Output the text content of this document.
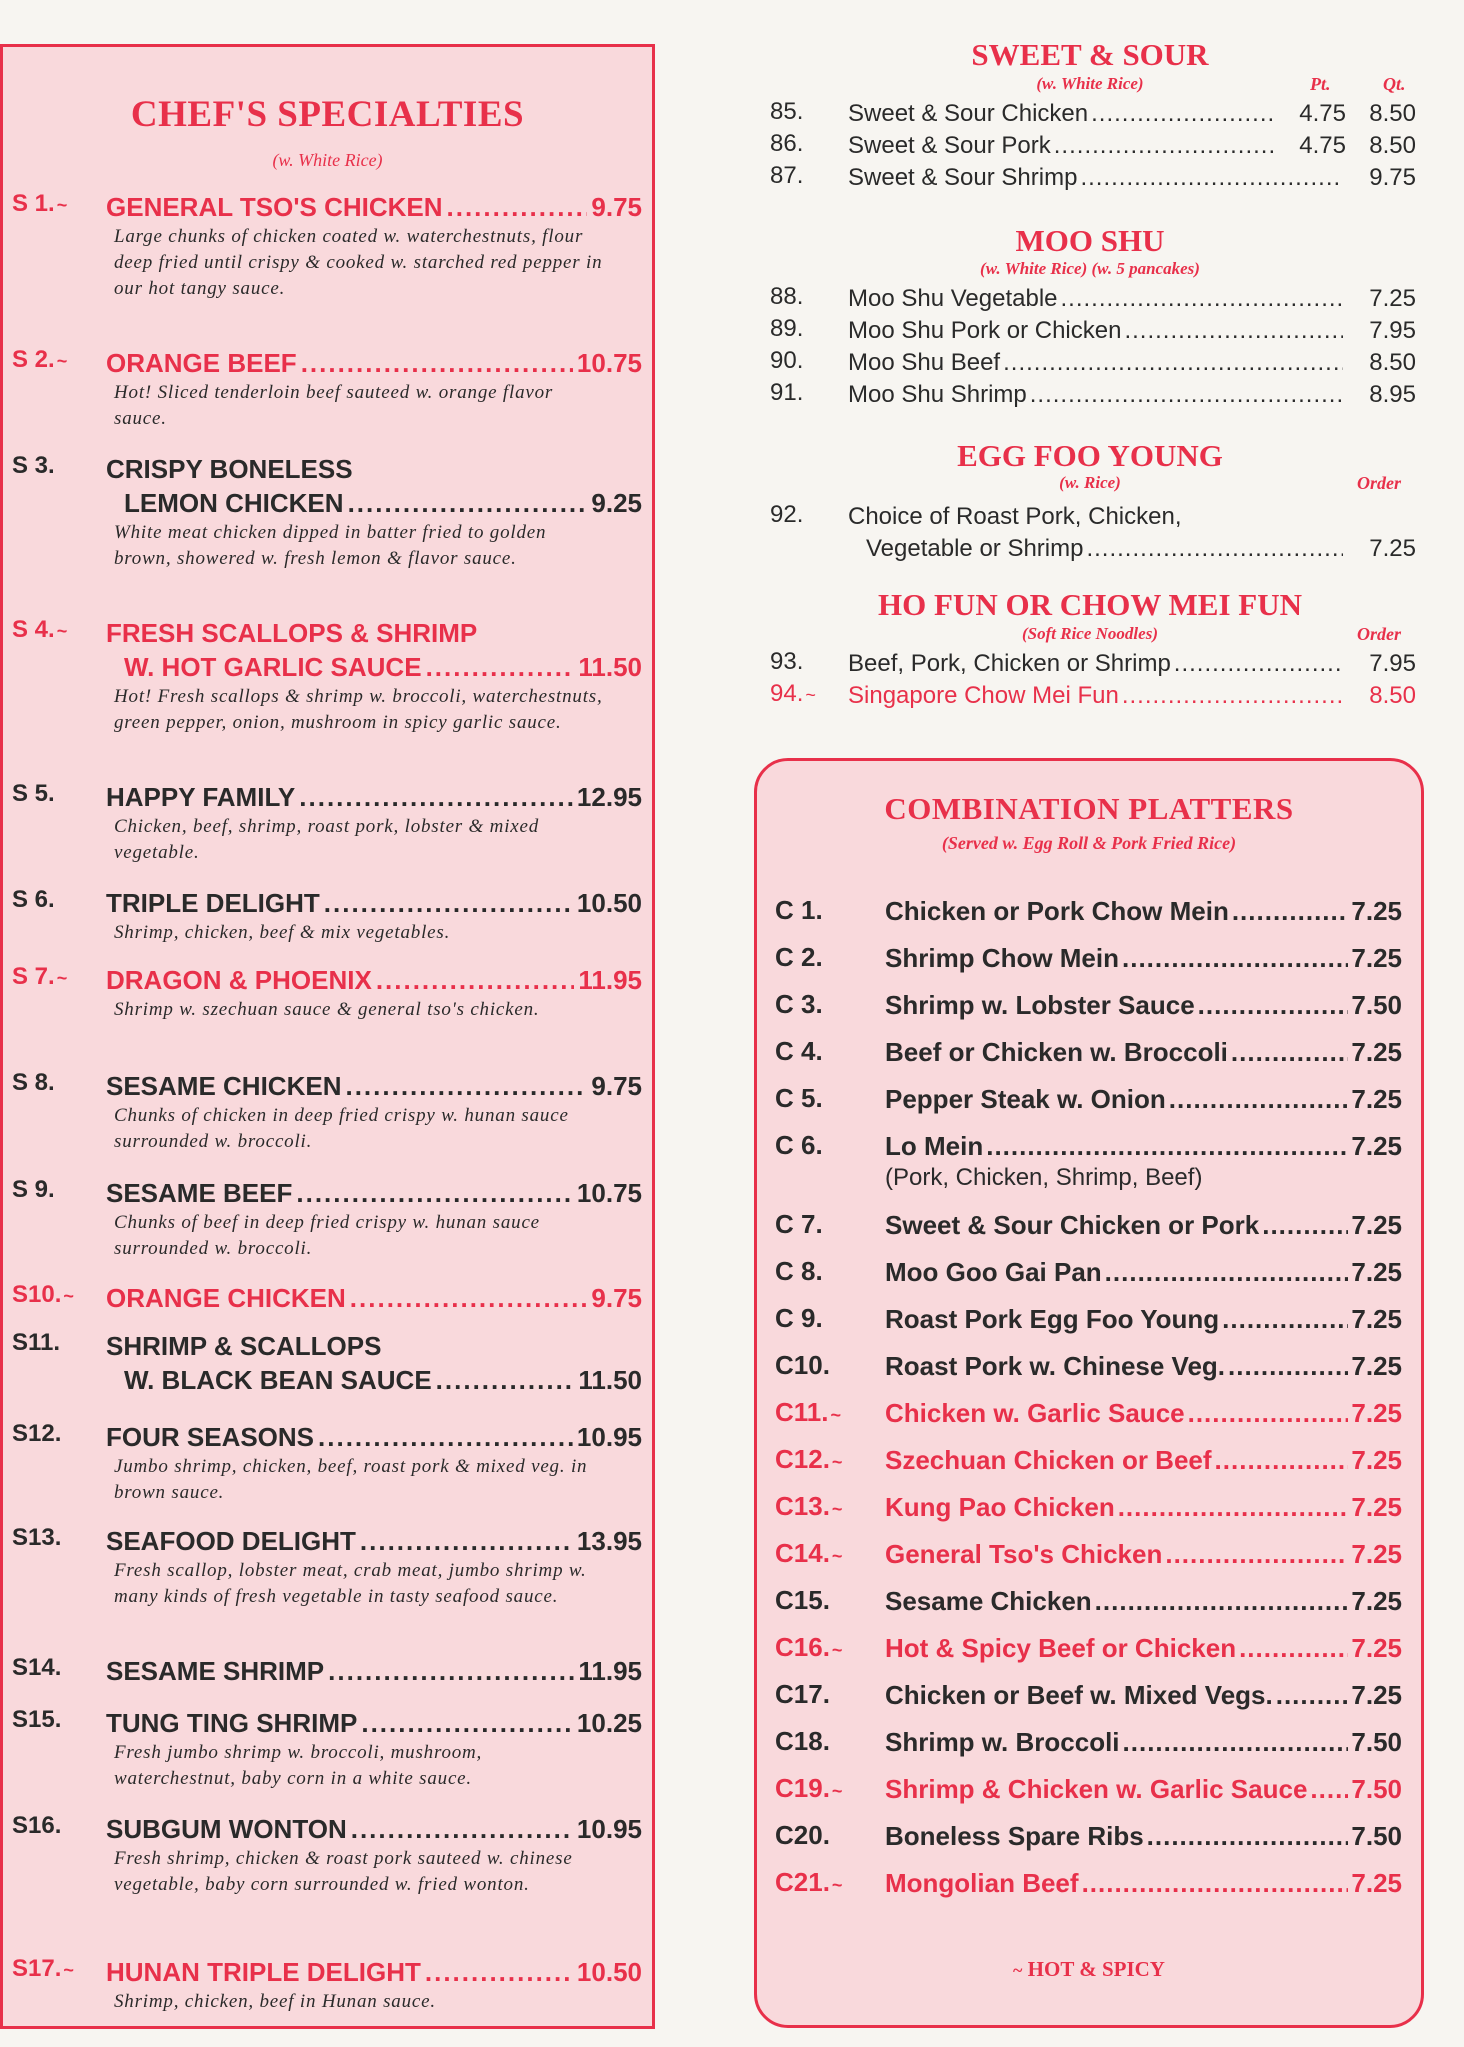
CHEF'S SPECIALTIES
(w. White Rice)
S 1. ~ GENERAL TSO'S CHICKEN .....	9.75
Large chunks of chicken coated w. waterchestnuts, flour deep fried until crispy & cooked w. starched red pepper in our hot tangy sauce.
S 2. ~ ORANGE BEEF .....	10.75
Hot! Sliced tenderloin beef sauteed w. orange flavor sauce.
S 3. CRISPY BONELESS
LEMON CHICKEN .....	9.25
White meat chicken dipped in batter fried to golden brown, showered w. fresh lemon & flavor sauce.
S 4. ~ FRESH SCALLOPS & SHRIMP
W. HOT GARLIC SAUCE .....	11.50
Hot! Fresh scallops & shrimp w. broccoli, waterchestnuts, green pepper, onion, mushroom in spicy garlic sauce.
S 5. HAPPY FAMILY .....	12.95
Chicken, beef, shrimp, roast pork, lobster & mixed vegetable.
S 6. TRIPLE DELIGHT .....	10.50
Shrimp, chicken, beef & mix vegetables.
S 7. ~ DRAGON & PHOENIX .....	11.95
Shrimp w. szechuan sauce & general tso's chicken.
S 8. SESAME CHICKEN .....	9.75
Chunks of chicken in deep fried crispy w. hunan sauce surrounded w. broccoli.
S 9. SESAME BEEF .....	10.75
Chunks of beef in deep fried crispy w. hunan sauce surrounded w. broccoli.
S10. ~ ORANGE CHICKEN .....	9.75
S11. SHRIMP & SCALLOPS
W. BLACK BEAN SAUCE .....	11.50
S12. FOUR SEASONS .....	10.95
Jumbo shrimp, chicken, beef, roast pork & mixed veg. in brown sauce.
S13. SEAFOOD DELIGHT .....	13.95
Fresh scallop, lobster meat, crab meat, jumbo shrimp w. many kinds of fresh vegetable in tasty seafood sauce.
S14. SESAME SHRIMP .....	11.95
S15. TUNG TING SHRIMP .....	10.25
Fresh jumbo shrimp w. broccoli, mushroom, waterchestnut, baby corn in a white sauce.
S16. SUBGUM WONTON .....	10.95
Fresh shrimp, chicken & roast pork sauteed w. chinese vegetable, baby corn surrounded w. fried wonton.
S17. ~ HUNAN TRIPLE DELIGHT .....	10.50
Shrimp, chicken, beef in Hunan sauce.
SWEET & SOUR
(w. White Rice)	Pt.	Qt.
85. Sweet & Sour Chicken .....	4.75 8.50
86. Sweet & Sour Pork .....	4.75 8.50
87. Sweet & Sour Shrimp .....	9.75
MOO SHU
(w. White Rice) (w. 5 pancakes)
88. Moo Shu Vegetable .....	7.25
89. Moo Shu Pork or Chicken .....	7.95
90. Moo Shu Beef .....	8.50
91. Moo Shu Shrimp .....	8.95
EGG FOO YOUNG
(w. Rice)	Order
92. Choice of Roast Pork, Chicken,
Vegetable or Shrimp .....	7.25
HO FUN OR CHOW MEI FUN
(Soft Rice Noodles)	Order
93. Beef, Pork, Chicken or Shrimp .....	7.95
94. ~ Singapore Chow Mei Fun .....	8.50
COMBINATION PLATTERS
(Served w. Egg Roll & Pork Fried Rice)
~ HOT & SPICY
C 1. Chicken or Pork Chow Mein .....	7.25
C 2. Shrimp Chow Mein .....	7.25
C 3. Shrimp w. Lobster Sauce .....	7.50
C 4. Beef or Chicken w. Broccoli .....	7.25
C 5. Pepper Steak w. Onion .....	7.25
C 6. Lo Mein .....	7.25
(Pork, Chicken, Shrimp, Beef)
C 7. Sweet & Sour Chicken or Pork .....	7.25
C 8. Moo Goo Gai Pan .....	7.25
C 9. Roast Pork Egg Foo Young .....	7.25
C10. Roast Pork w. Chinese Veg. .....	7.25
C11. ~ Chicken w. Garlic Sauce .....	7.25
C12. ~ Szechuan Chicken or Beef .....	7.25
C13. ~ Kung Pao Chicken .....	7.25
C14. ~ General Tso's Chicken .....	7.25
C15. Sesame Chicken .....	7.25
C16. ~ Hot & Spicy Beef or Chicken .....	7.25
C17. Chicken or Beef w. Mixed Vegs. .....	7.25
C18. Shrimp w. Broccoli .....	7.50
C19. ~ Shrimp & Chicken w. Garlic Sauce ..... 7.50
C20. Boneless Spare Ribs .....	7.50
C21. ~ Mongolian Beef .....	7.25
